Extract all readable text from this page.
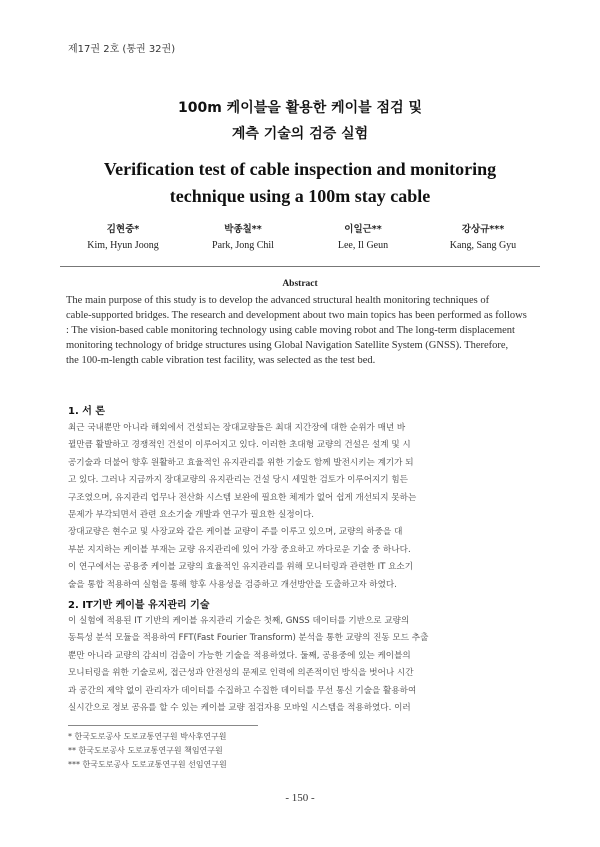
제17권 2호 (통권 32권)
100m 케이블을 활용한 케이블 점검 및
계측 기술의 검증 실험
Verification test of cable inspection and monitoring
technique using a 100m stay cable
김현중*
Kim, Hyun Joong
박종칠**
Park, Jong Chil
이일근**
Lee, Il Geun
강상규***
Kang, Sang Gyu
Abstract
The main purpose of this study is to develop the advanced structural health monitoring techniques of
cable-supported bridges. The research and development about two main topics has been performed as follows
: The vision-based cable monitoring technology using cable moving robot and The long-term displacement
monitoring technology of bridge structures using Global Navigation Satellite System (GNSS). Therefore,
the 100-m-length cable vibration test facility, was selected as the test bed.
1. 서 론
최근 국내뿐만 아니라 해외에서 건설되는 장대교량들은 최대 지간장에 대한 순위가 매년 바
뀔만큼 활발하고 경쟁적인 건설이 이루어지고 있다. 이러한 초대형 교량의 건설은 설계 및 시
공기술과 더불어 향후 원활하고 효율적인 유지관리를 위한 기술도 함께 발전시키는 계기가 되
고 있다. 그러나 지금까지 장대교량의 유지관리는 건설 당시 세밀한 검토가 이루어지기 힘든
구조였으며, 유지관리 업무나 전산화 시스템 보완에 필요한 체계가 없어 쉽게 개선되지 못하는
문제가 부각되면서 관련 요소기술 개발과 연구가 필요한 실정이다.
장대교량은 현수교 및 사장교와 같은 케이블 교량이 주를 이루고 있으며, 교량의 하중을 대
부분 지지하는 케이블 부재는 교량 유지관리에 있어 가장 중요하고 까다로운 기술 중 하나다.
이 연구에서는 공용중 케이블 교량의 효율적인 유지관리를 위해 모니터링과 관련한 IT 요소기
술을 통합 적용하여 실험을 통해 향후 사용성을 검증하고 개선방안을 도출하고자 하였다.
2. IT기반 케이블 유지관리 기술
이 실험에 적용된 IT 기반의 케이블 유지관리 기술은 첫째, GNSS 데이터를 기반으로 교량의
동특성 분석 모듈을 적용하여 FFT(Fast Fourier Transform) 분석을 통한 교량의 진동 모드 추출
뿐만 아니라 교량의 감쇠비 검출이 가능한 기술을 적용하였다. 둘째, 공용중에 있는 케이블의
모니터링을 위한 기술로써, 접근성과 안전성의 문제로 인력에 의존적이던 방식을 벗어나 시간
과 공간의 제약 없이 관리자가 데이터를 수집하고 수집한 데이터를 무선 통신 기술을 활용하여
실시간으로 정보 공유를 할 수 있는 케이블 교량 점검자용 모바일 시스템을 적용하였다. 이러
* 한국도로공사 도로교통연구원 박사후연구원
** 한국도로공사 도로교통연구원 책임연구원
*** 한국도로공사 도로교통연구원 선임연구원
- 150 -
